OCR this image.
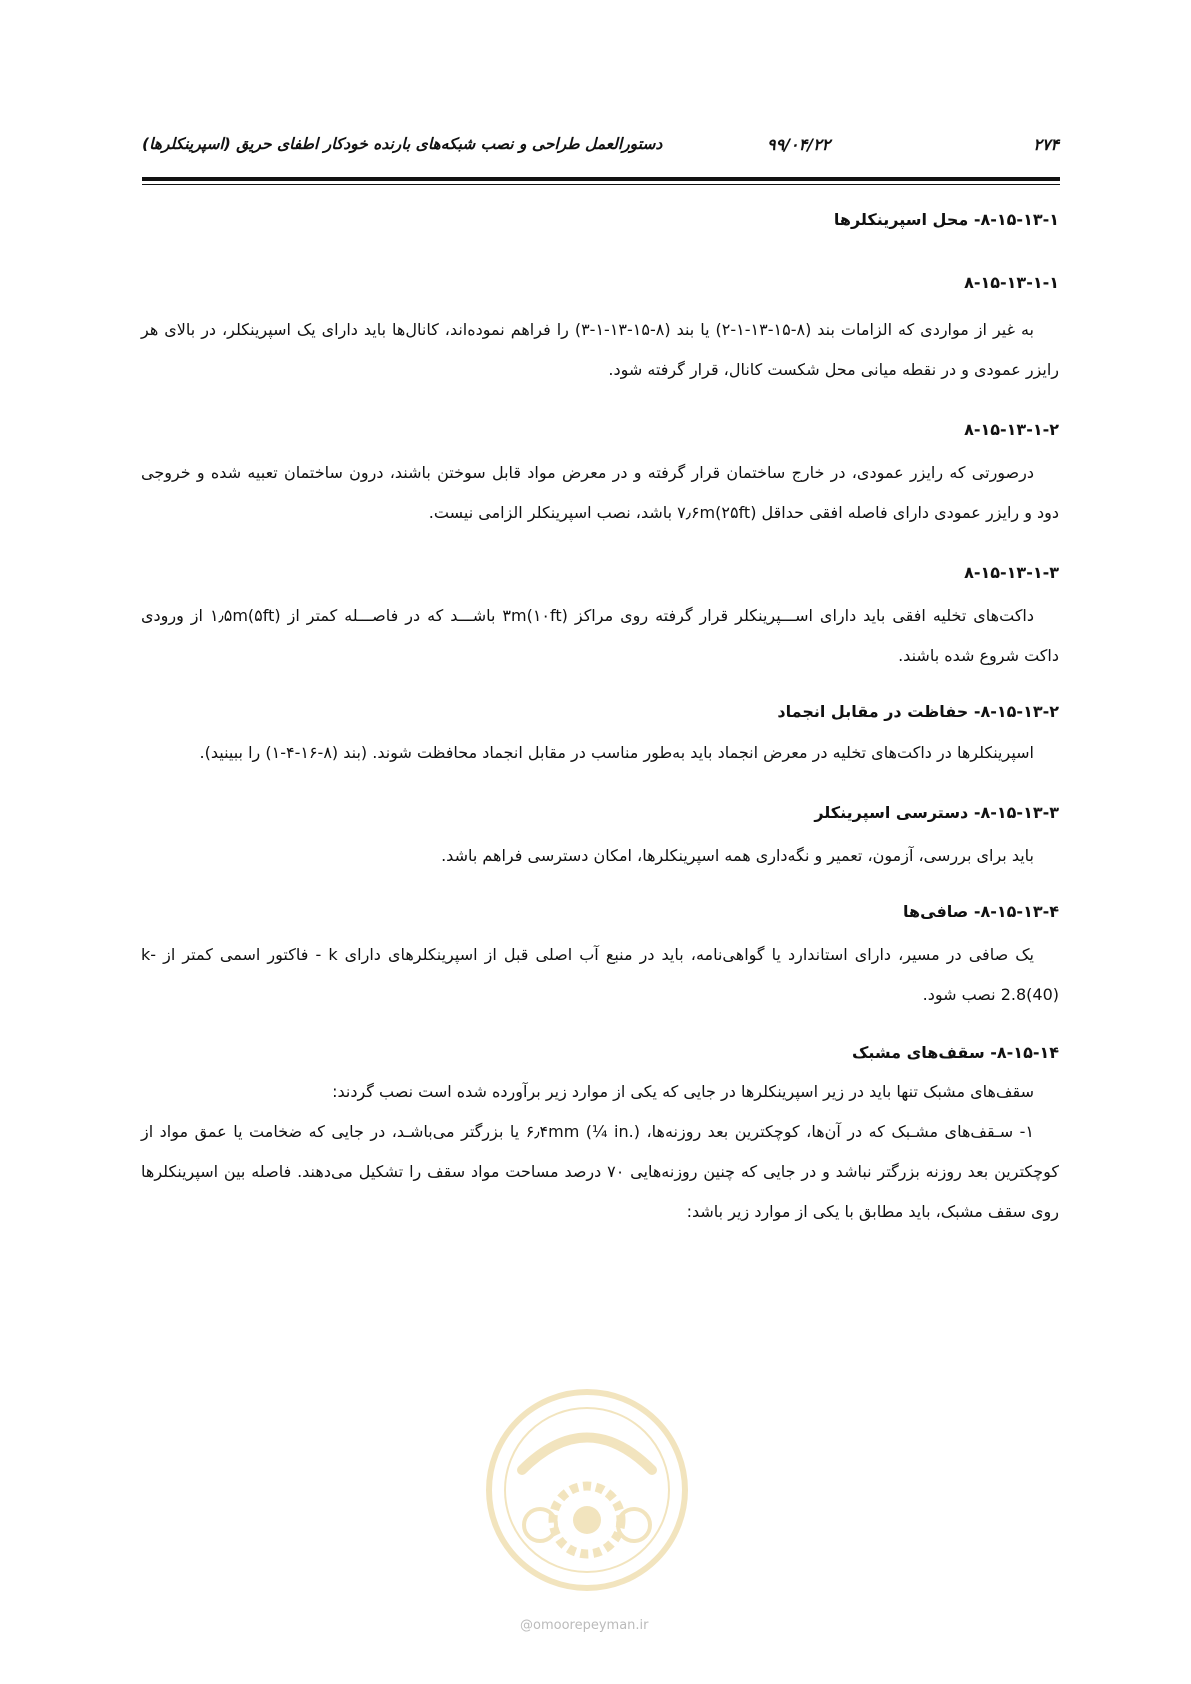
۲۷۴
۹۹/۰۴/۲۲
دستورالعمل طراحی و نصب شبکه‌های بارنده خودکار اطفای حریق (اسپرینکلرها)

۸-۱۵-۱۳-۱- محل اسپرینکلرها

۸-۱۵-۱۳-۱-۱

به غیر از مواردی که الزامات بند (۸-۱۵-۱۳-۱-۲) یا بند (۸-۱۵-۱۳-۱-۳) را فراهم نموده‌اند، کانال‌ها باید دارای یک اسپرینکلر، در بالای هر رایزر عمودی و در نقطه میانی محل شکست کانال، قرار گرفته شود.

۸-۱۵-۱۳-۱-۲

درصورتی که رایزر عمودی، در خارج ساختمان قرار گرفته و در معرض مواد قابل سوختن باشند، درون ساختمان تعبیه شده و خروجی دود و رایزر عمودی دارای فاصله افقی حداقل ۷٫۶m(۲۵ft) باشد، نصب اسپرینکلر الزامی نیست.

۸-۱۵-۱۳-۱-۳

داکت‌های تخلیه افقی باید دارای اســـپرینکلر قرار گرفته روی مراکز ۳m(۱۰ft) باشـــد که در فاصـــله کمتر از ۱٫۵m(۵ft) از ورودی داکت شروع شده باشند.

۸-۱۵-۱۳-۲- حفاظت در مقابل انجماد

اسپرینکلرها در داکت‌های تخلیه در معرض انجماد باید به‌طور مناسب در مقابل انجماد محافظت شوند. (بند (۸-۱۶-۴-۱) را ببینید).

۸-۱۵-۱۳-۳- دسترسی اسپرینکلر

باید برای بررسی، آزمون، تعمیر و نگه‌داری همه اسپرینکلرها، امکان دسترسی فراهم باشد.

۸-۱۵-۱۳-۴- صافی‌ها

یک صافی در مسیر، دارای استاندارد یا گواهی‌نامه، باید در منبع آب اصلی قبل از اسپرینکلرهای دارای k - فاکتور اسمی کمتر از k-2.8(40) نصب شود.

۸-۱۵-۱۴- سقف‌های مشبک

سقف‌های مشبک تنها باید در زیر اسپرینکلرها در جایی که یکی از موارد زیر برآورده شده است نصب گردند:

۱- سـقف‌های مشـبک که در آن‌ها، کوچکترین بعد روزنه‌ها، ۶٫۴mm (¼ in.) یا بزرگتر می‌باشـد، در جایی که ضخامت یا عمق مواد از کوچکترین بعد روزنه بزرگتر نباشد و در جایی که چنین روزنه‌هایی ۷۰ درصد مساحت مواد سقف را تشکیل می‌دهند. فاصله بین اسپرینکلرها روی سقف مشبک، باید مطابق با یکی از موارد زیر باشد:

@omoorepeyman.ir
